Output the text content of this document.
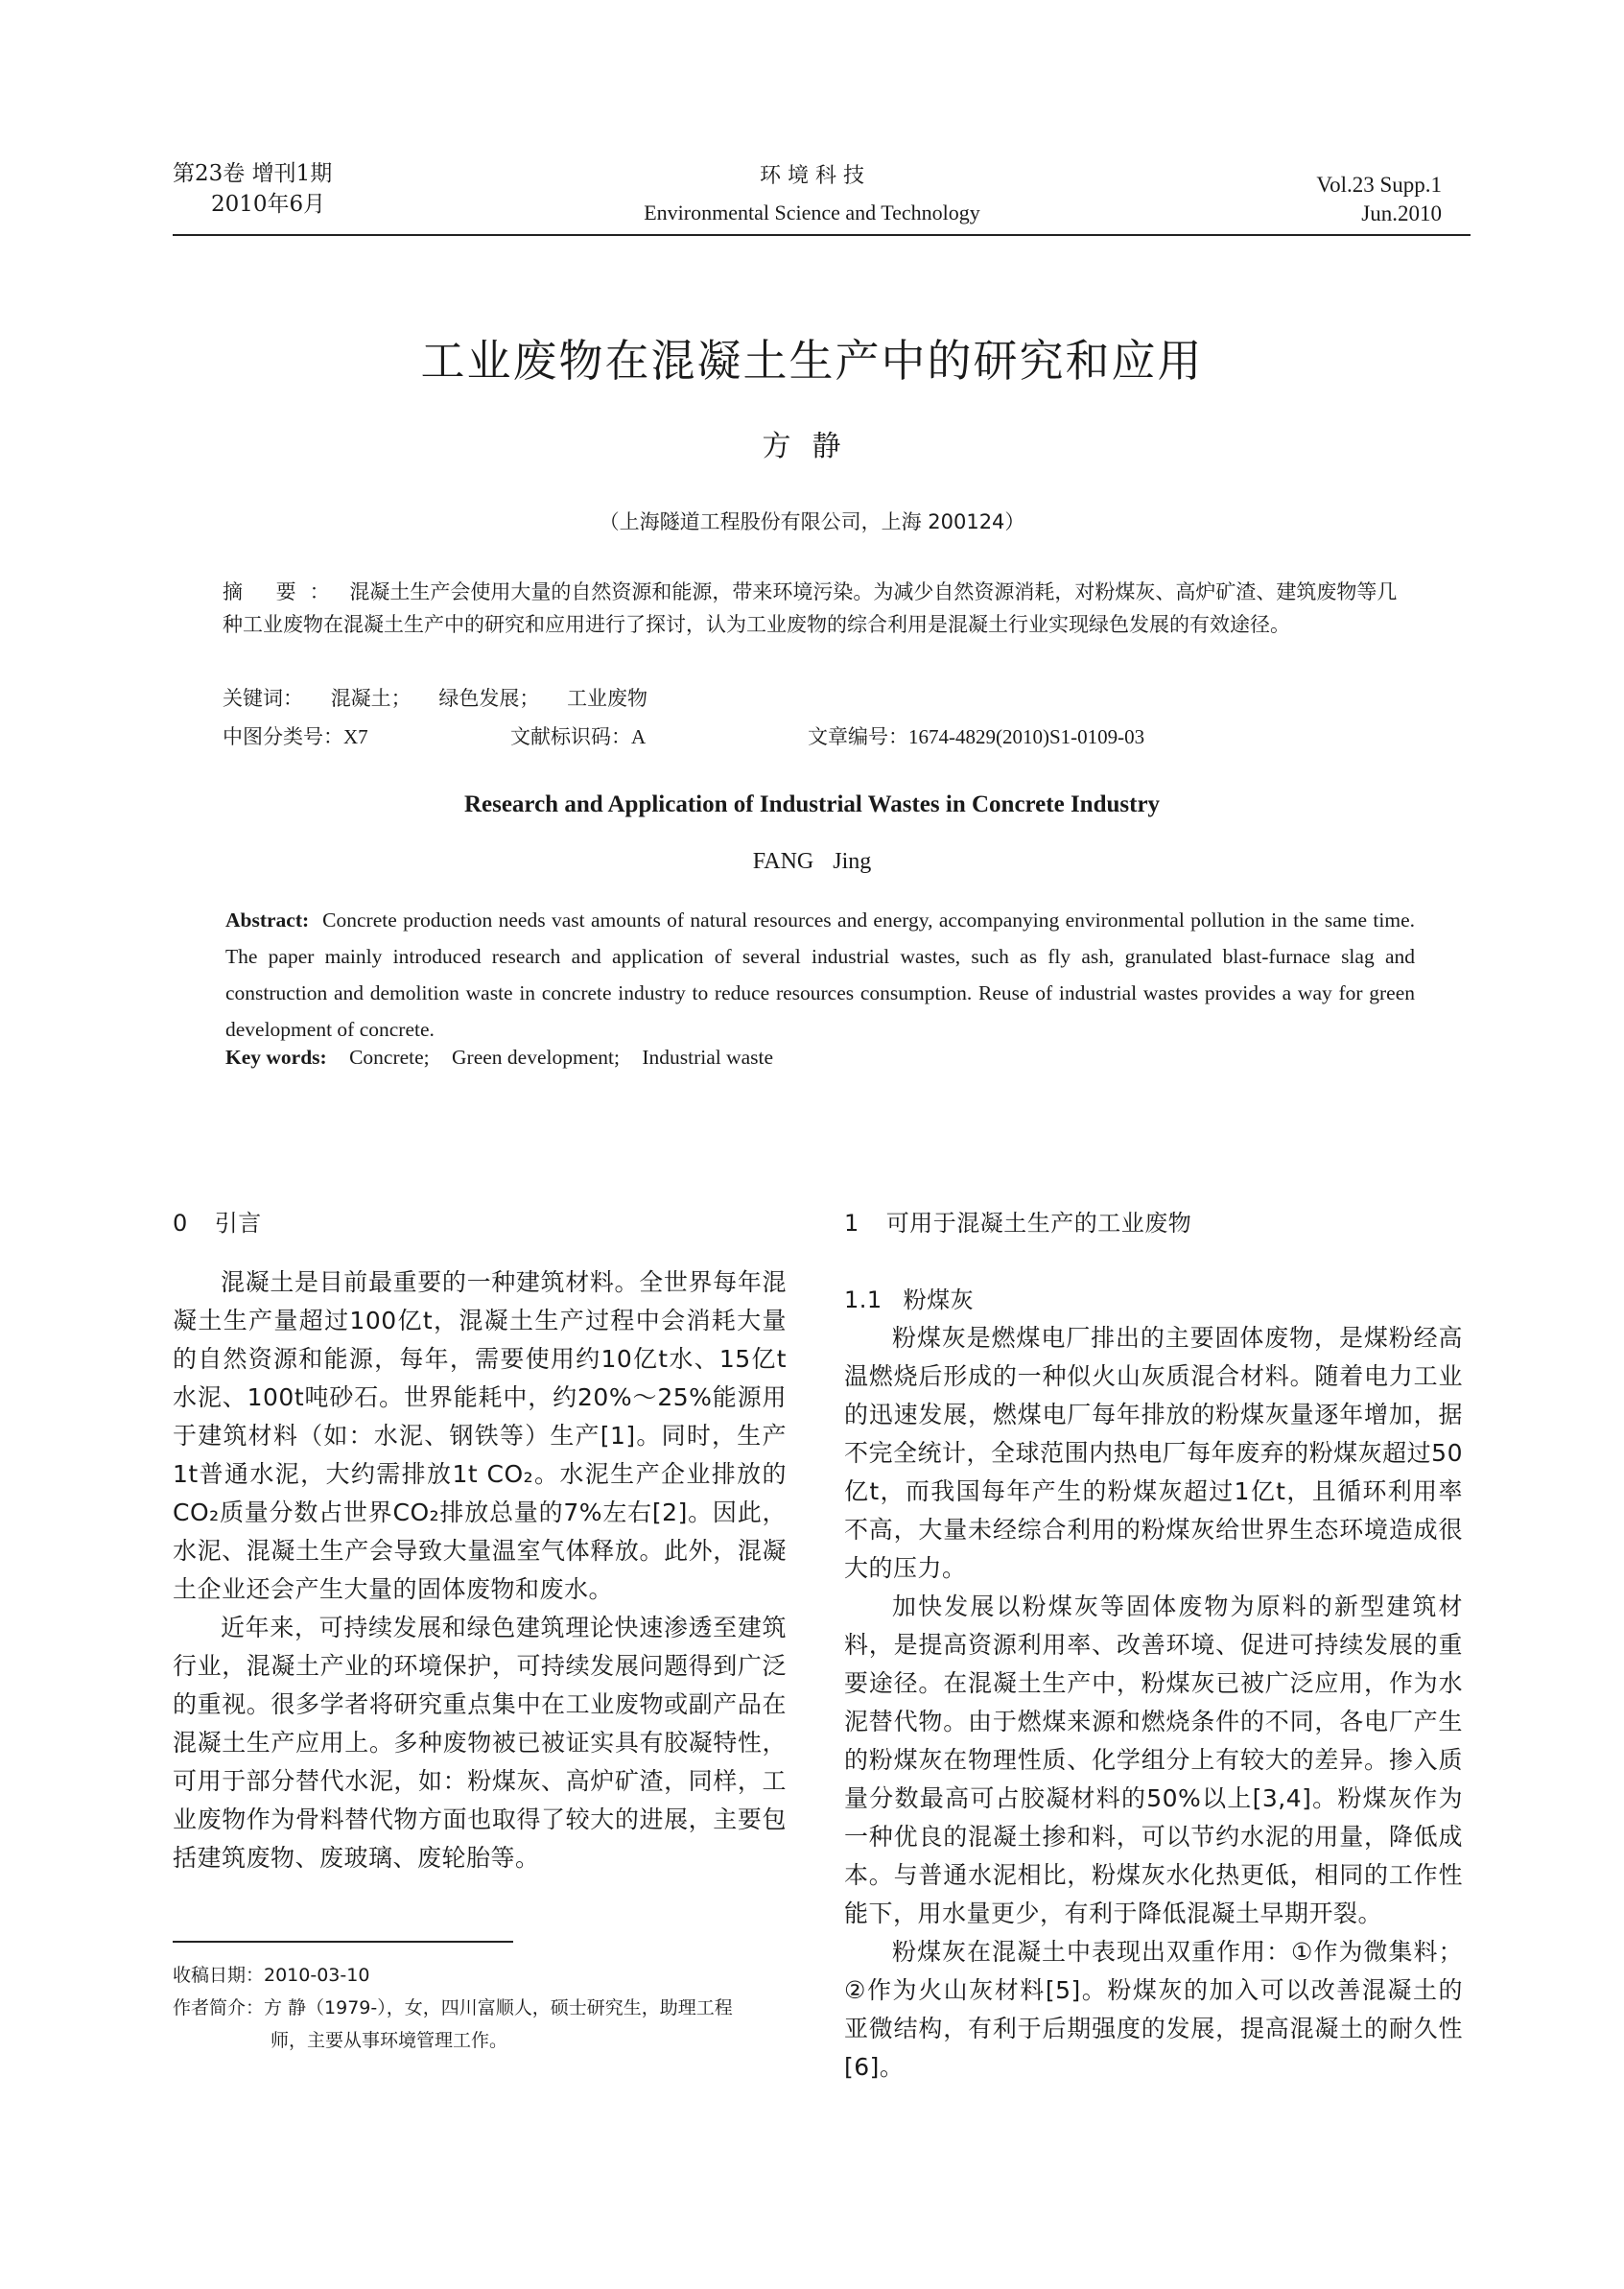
第23卷 增刊1期
2010年6月
环 境 科 技
Environmental Science and Technology
Vol.23 Supp.1
Jun.2010
工业废物在混凝土生产中的研究和应用
方静
（上海隧道工程股份有限公司，上海 200124）
摘 要： 混凝土生产会使用大量的自然资源和能源，带来环境污染。为减少自然资源消耗，对粉煤灰、高炉矿渣、建筑废物等几种工业废物在混凝土生产中的研究和应用进行了探讨，认为工业废物的综合利用是混凝土行业实现绿色发展的有效途径。
关键词： 混凝土； 绿色发展； 工业废物
中图分类号：X7	文献标识码：A	文章编号：1674-4829(2010)S1-0109-03
Research and Application of Industrial Wastes in Concrete Industry
FANG Jing
Abstract: Concrete production needs vast amounts of natural resources and energy, accompanying environmental pollution in the same time. The paper mainly introduced research and application of several industrial wastes, such as fly ash, granulated blast-furnace slag and construction and demolition waste in concrete industry to reduce resources consumption. Reuse of industrial wastes provides a way for green development of concrete.
Key words: Concrete; Green development; Industrial waste
0 引言

混凝土是目前最重要的一种建筑材料。全世界每年混凝土生产量超过100亿t，混凝土生产过程中会消耗大量的自然资源和能源，每年，需要使用约10亿t水、15亿t水泥、100t吨砂石。世界能耗中，约20%～25%能源用于建筑材料（如：水泥、钢铁等）生产[1]。同时，生产1t普通水泥，大约需排放1t CO₂。水泥生产企业排放的CO₂质量分数占世界CO₂排放总量的7%左右[2]。因此，水泥、混凝土生产会导致大量温室气体释放。此外，混凝土企业还会产生大量的固体废物和废水。

近年来，可持续发展和绿色建筑理论快速渗透至建筑行业，混凝土产业的环境保护，可持续发展问题得到广泛的重视。很多学者将研究重点集中在工业废物或副产品在混凝土生产应用上。多种废物被已被证实具有胶凝特性，可用于部分替代水泥，如：粉煤灰、高炉矿渣，同样，工业废物作为骨料替代物方面也取得了较大的进展，主要包括建筑废物、废玻璃、废轮胎等。

1 可用于混凝土生产的工业废物
1.1 粉煤灰

粉煤灰是燃煤电厂排出的主要固体废物，是煤粉经高温燃烧后形成的一种似火山灰质混合材料。随着电力工业的迅速发展，燃煤电厂每年排放的粉煤灰量逐年增加，据不完全统计，全球范围内热电厂每年废弃的粉煤灰超过50亿t，而我国每年产生的粉煤灰超过1亿t，且循环利用率不高，大量未经综合利用的粉煤灰给世界生态环境造成很大的压力。

加快发展以粉煤灰等固体废物为原料的新型建筑材料，是提高资源利用率、改善环境、促进可持续发展的重要途径。在混凝土生产中，粉煤灰已被广泛应用，作为水泥替代物。由于燃煤来源和燃烧条件的不同，各电厂产生的粉煤灰在物理性质、化学组分上有较大的差异。掺入质量分数最高可占胶凝材料的50%以上[3,4]。粉煤灰作为一种优良的混凝土掺和料，可以节约水泥的用量，降低成本。与普通水泥相比，粉煤灰水化热更低，相同的工作性能下，用水量更少，有利于降低混凝土早期开裂。

粉煤灰在混凝土中表现出双重作用：①作为微集料；②作为火山灰材料[5]。粉煤灰的加入可以改善混凝土的亚微结构，有利于后期强度的发展，提高混凝土的耐久性[6]。

收稿日期：2010-03-10
作者简介：方 静（1979-），女，四川富顺人，硕士研究生，助理工程
师，主要从事环境管理工作。
